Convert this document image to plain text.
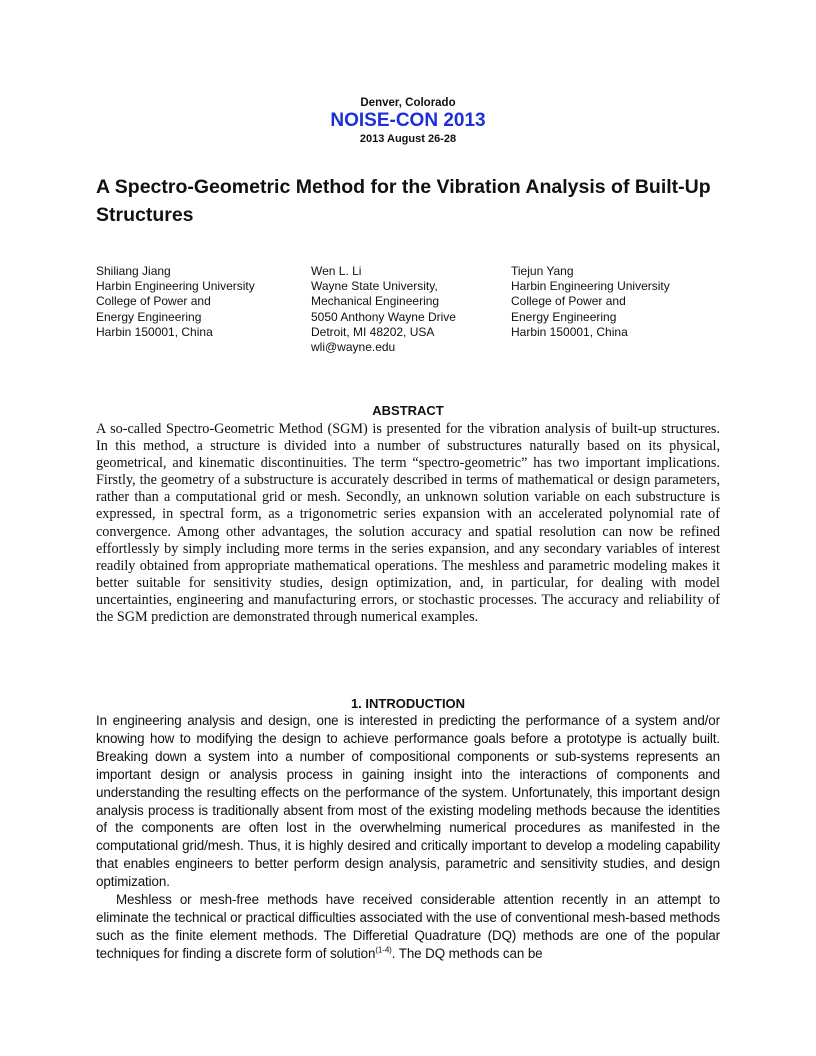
Denver, Colorado
NOISE-CON 2013
2013 August 26-28
A Spectro-Geometric Method for the Vibration Analysis of Built-Up Structures
Shiliang Jiang
Harbin Engineering University
College of Power and
Energy Engineering
Harbin 150001, China
Wen L. Li
Wayne State University,
Mechanical Engineering
5050 Anthony Wayne Drive
Detroit, MI 48202, USA
wli@wayne.edu
Tiejun Yang
Harbin Engineering University
College of Power and
Energy Engineering
Harbin 150001, China
ABSTRACT
A so-called Spectro-Geometric Method (SGM) is presented for the vibration analysis of built-up structures. In this method, a structure is divided into a number of substructures naturally based on its physical, geometrical, and kinematic discontinuities. The term “spectro-geometric” has two important implications. Firstly, the geometry of a substructure is accurately described in terms of mathematical or design parameters, rather than a computational grid or mesh. Secondly, an unknown solution variable on each substructure is expressed, in spectral form, as a trigonometric series expansion with an accelerated polynomial rate of convergence. Among other advantages, the solution accuracy and spatial resolution can now be refined effortlessly by simply including more terms in the series expansion, and any secondary variables of interest readily obtained from appropriate mathematical operations. The meshless and parametric modeling makes it better suitable for sensitivity studies, design optimization, and, in particular, for dealing with model uncertainties, engineering and manufacturing errors, or stochastic processes. The accuracy and reliability of the SGM prediction are demonstrated through numerical examples.
1. INTRODUCTION

In engineering analysis and design, one is interested in predicting the performance of a system and/or knowing how to modifying the design to achieve performance goals before a prototype is actually built. Breaking down a system into a number of compositional components or sub-systems represents an important design or analysis process in gaining insight into the interactions of components and understanding the resulting effects on the performance of the system. Unfortunately, this important design analysis process is traditionally absent from most of the existing modeling methods because the identities of the components are often lost in the overwhelming numerical procedures as manifested in the computational grid/mesh. Thus, it is highly desired and critically important to develop a modeling capability that enables engineers to better perform design analysis, parametric and sensitivity studies, and design optimization.

Meshless or mesh-free methods have received considerable attention recently in an attempt to eliminate the technical or practical difficulties associated with the use of conventional mesh-based methods such as the finite element methods. The Differetial Quadrature (DQ) methods are one of the popular techniques for finding a discrete form of solution$^{(1-4)}$. The DQ methods can be
